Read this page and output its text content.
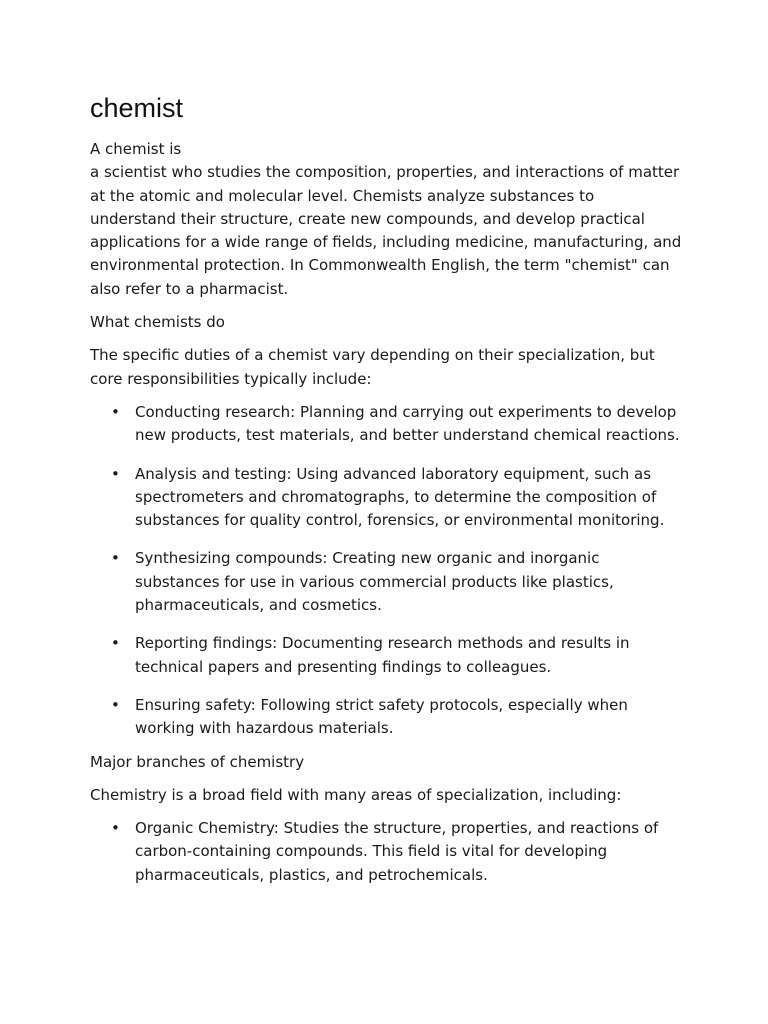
chemist

A chemist is

a scientist who studies the composition, properties, and interactions of matter at the atomic and molecular level. Chemists analyze substances to understand their structure, create new compounds, and develop practical applications for a wide range of fields, including medicine, manufacturing, and environmental protection. In Commonwealth English, the term "chemist" can also refer to a pharmacist.

What chemists do

The specific duties of a chemist vary depending on their specialization, but core responsibilities typically include:

• Conducting research: Planning and carrying out experiments to develop new products, test materials, and better understand chemical reactions.
• Analysis and testing: Using advanced laboratory equipment, such as spectrometers and chromatographs, to determine the composition of substances for quality control, forensics, or environmental monitoring.
• Synthesizing compounds: Creating new organic and inorganic substances for use in various commercial products like plastics, pharmaceuticals, and cosmetics.
• Reporting findings: Documenting research methods and results in technical papers and presenting findings to colleagues.
• Ensuring safety: Following strict safety protocols, especially when working with hazardous materials.

Major branches of chemistry

Chemistry is a broad field with many areas of specialization, including:

• Organic Chemistry: Studies the structure, properties, and reactions of carbon-containing compounds. This field is vital for developing pharmaceuticals, plastics, and petrochemicals.
